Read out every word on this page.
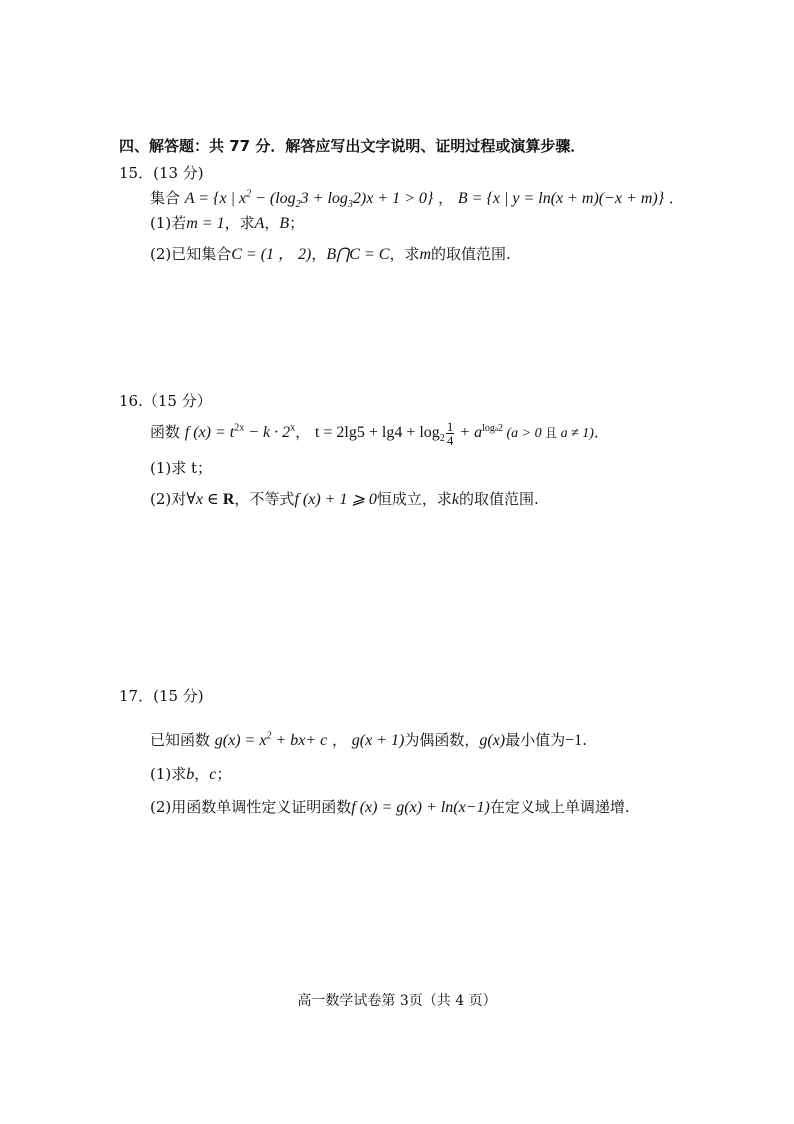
四、解答题：共 77 分．解答应写出文字说明、证明过程或演算步骤．
15．(13 分)
集合 A = {x | $x^2 - (\log_23 + \log_32)x + 1 > 0$} ， B = {x | y = ln(x + m)(−x + m)} ．
(1)若m = 1，求A，B；
(2)已知集合C = (1 ， 2)，B⋂C = C，求m的取值范围.
16.（15 分）
函数 f $(x) = t^{2x} - k \cdot 2^x$， $t = 2\lg 5 + \lg 4 + \log_2 \frac{1}{4} + a^{loga2}$ (a > 0 且 a ≠ 1)．
(1)求 t；
(2)对∀x ∈ R，不等式f (x) + 1 ⩾ 0恒成立，求k的取值范围.
17．(15 分)
已知函数 $g(x) = x^2 + bx+ c$ ， g(x + 1)为偶函数，g(x)最小值为−1.
(1)求b，c；
(2)用函数单调性定义证明函数f (x) = g(x) + ln(x−1)在定义域上单调递增.
高一数学试卷第 3页（共 4 页）
